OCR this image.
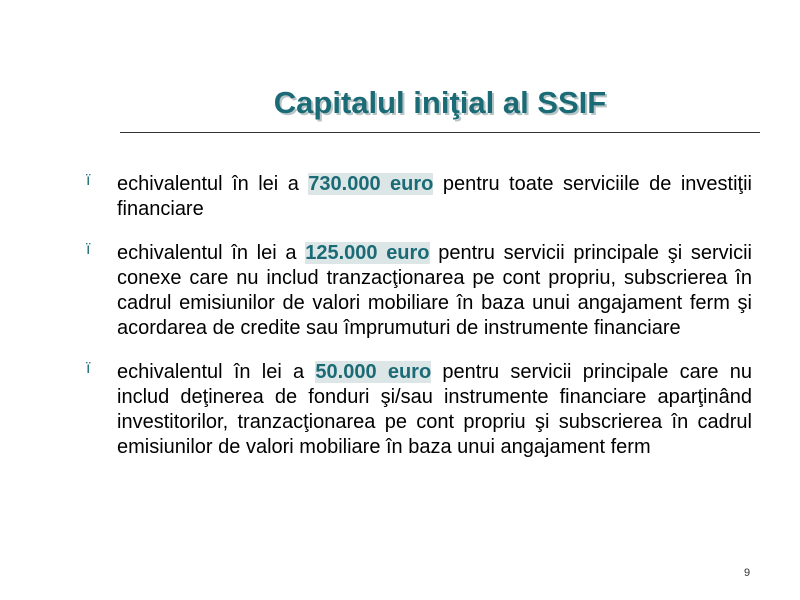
Capitalul iniţial al SSIF
ï echivalentul în lei a 730.000 euro pentru toate serviciile de investiţii financiare
ï echivalentul în lei a 125.000 euro pentru servicii principale şi servicii conexe care nu includ tranzacţionarea pe cont propriu, subscrierea în cadrul emisiunilor de valori mobiliare în baza unui angajament ferm şi acordarea de credite sau împrumuturi de instrumente financiare
ï echivalentul în lei a 50.000 euro pentru servicii principale care nu includ deţinerea de fonduri şi/sau instrumente financiare aparţinând investitorilor, tranzacţionarea pe cont propriu şi subscrierea în cadrul emisiunilor de valori mobiliare în baza unui angajament ferm
9
